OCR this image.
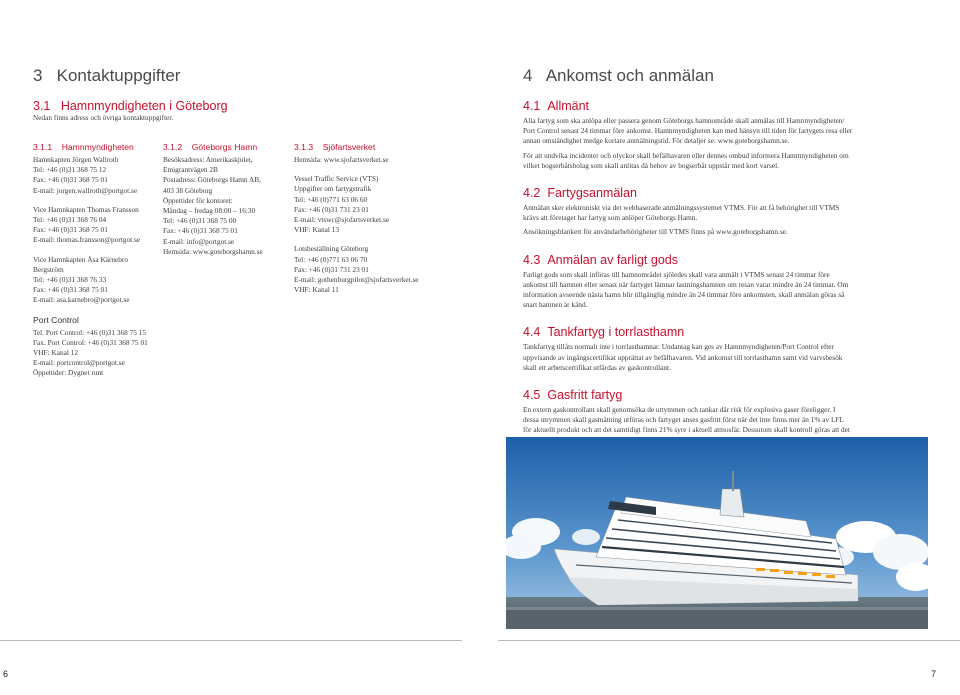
3 Kontaktuppgifter
3.1 Hamnmyndigheten i Göteborg
Nedan finns adress och övriga kontaktuppgifter.
3.1.1 Hamnmyndigheten
Hamnkapten Jörgen Wallroth
Tel: +46 (0)31 368 75 12
Fax: +46 (0)31 368 75 01
E-mail: jorgen.wallroth@portgot.se
Vice Hamnkapten Thomas Fransson
Tel: +46 (0)31 368 76 04
Fax: +46 (0)31 368 75 01
E-mail: thomas.fransson@portgot.se
Vice Hamnkapten Åsa Kärnebro
Bergström
Tel: +46 (0)31 368 76 33
Fax: +46 (0)31 368 75 01
E-mail: asa.karnebro@portgot.se
Port Control
Tel. Port Control: +46 (0)31 368 75 15
Fax. Port Control: +46 (0)31 368 75 01
VHF: Kanal 12
E-mail: portcontrol@portgot.se
Öppettider: Dygnet runt
3.1.2 Göteborgs Hamn
Besöksadress: Amerikaskjulet,
Emigrantvägen 2B
Postadress: Göteborgs Hamn AB,
403 38 Göteborg
Öppettider för kontoret:
Måndag – fredag 08:00 – 16:30
Tel: +46 (0)31 368 75 00
Fax: +46 (0)31 368 75 01
E-mail: info@portgot.se
Hemsida: www.goteborgshamn.se
3.1.3 Sjöfartsverket
Hemsida: www.sjofartsverket.se
Vessel Traffic Service (VTS)
Uppgifter om fartygstrafik
Tel: +46 (0)771 63 06 60
Fax: +46 (0)31 731 23 01
E-mail: vtswc@sjofartsverket.se
VHF: Kanal 13
Lotsbeställning Göteborg
Tel: +46 (0)771 63 06 70
Fax: +46 (0)31 731 23 01
E-mail: gothenburgpilot@sjofartsverket.se
VHF: Kanal 11
6
4 Ankomst och anmälan
4.1 Allmänt
Alla fartyg som ska anlöpa eller passera genom Göteborgs hamnområde skall anmälas till Hamnmyndigheten/ Port Control senast 24 timmar före ankomst. Hamnmyndigheten kan med hänsyn till tiden för fartygets resa eller annan omständighet medge kortare anmälningstid. För detaljer se: www.goteborgshamn.se.
För att undvika incidenter och olyckor skall befälhavaren eller dennes ombud informera Hammnyndigheten om vilket bogserbåtsbolag som skall anlitas då behov av bogserbåt uppstår med kort varsel.
4.2 Fartygsanmälan
Anmälan sker elektroniskt via det webbaserade anmälningssystemet VTMS. För att få behörighet till VTMS krävs att företaget har fartyg som anlöper Göteborgs Hamn.
Ansökningsblankett för användarbehörigheter till VTMS finns på www.goteborgshamn.se.
4.3 Anmälan av farligt gods
Farligt gods som skall införas till hamnområdet sjöledes skall vara anmält i VTMS senast 24 timmar före ankomst till hamnen eller senast när fartyget lämnar lastningshamnen om resan varar mindre än 24 timmar. Om information avseende nästa hamn blir tillgänglig mindre än 24 timmar före ankomsten, skall anmälan göras så snart hamnen är känd.
4.4 Tankfartyg i torrlasthamn
Tankfartyg tillåts normalt inte i torrlasthamnar. Undantag kan ges av Hamnmyndigheten/Port Control efter uppvisande av ingångscertifikat upprättat av befälhavaren. Vid ankomst till torrlasthamn samt vid varvsbesök skall ett arbetscertifikat utfärdas av gaskontrollant.
4.5 Gasfritt fartyg
En extern gaskontrollant skall genomsöka de uttymmen och tankar där risk för explosiva gaser föreligger. I dessa utrymmen skall gasmätning utföras och fartyget anses gasfritt först när det inte finns mer än 1% av LFL för aktuellt produkt och att det samtidigt finns 21% syre i aktuell atmosfär. Dessutom skall kontroll göras att det
7
